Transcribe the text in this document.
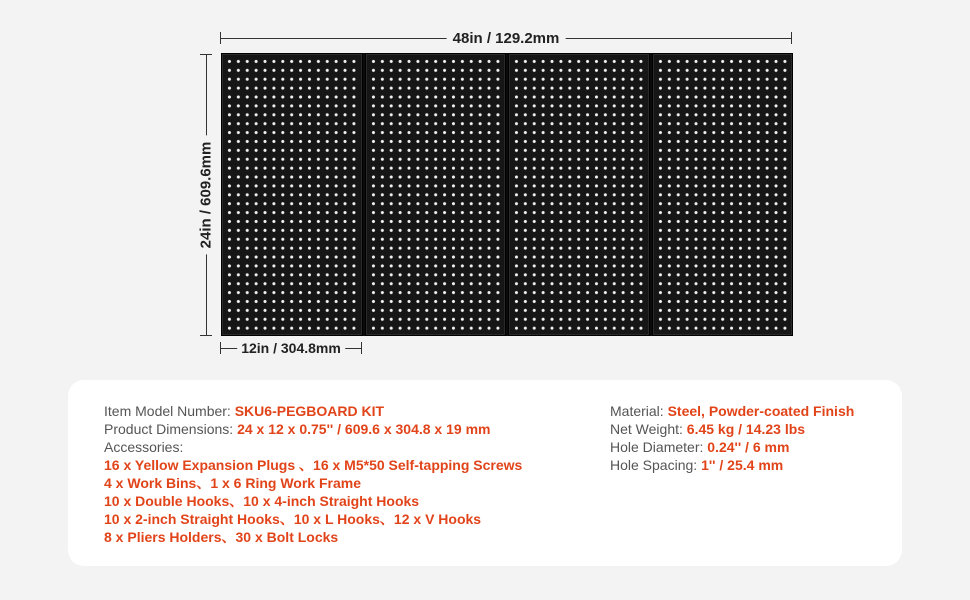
48in / 129.2mm
24in / 609.6mm
12in / 304.8mm
Item Model Number: SKU6-PEGBOARD KIT
Product Dimensions: 24 x 12 x 0.75'' / 609.6 x 304.8 x 19 mm
Accessories:
16 x Yellow Expansion Plugs 、16 x M5*50 Self-tapping Screws
4 x Work Bins、1 x 6 Ring Work Frame
10 x Double Hooks、10 x 4-inch Straight Hooks
10 x 2-inch Straight Hooks、10 x L Hooks、12 x V Hooks
8 x Pliers Holders、30 x Bolt Locks
Material: Steel, Powder-coated Finish
Net Weight: 6.45 kg / 14.23 lbs
Hole Diameter: 0.24'' / 6 mm
Hole Spacing: 1'' / 25.4 mm
